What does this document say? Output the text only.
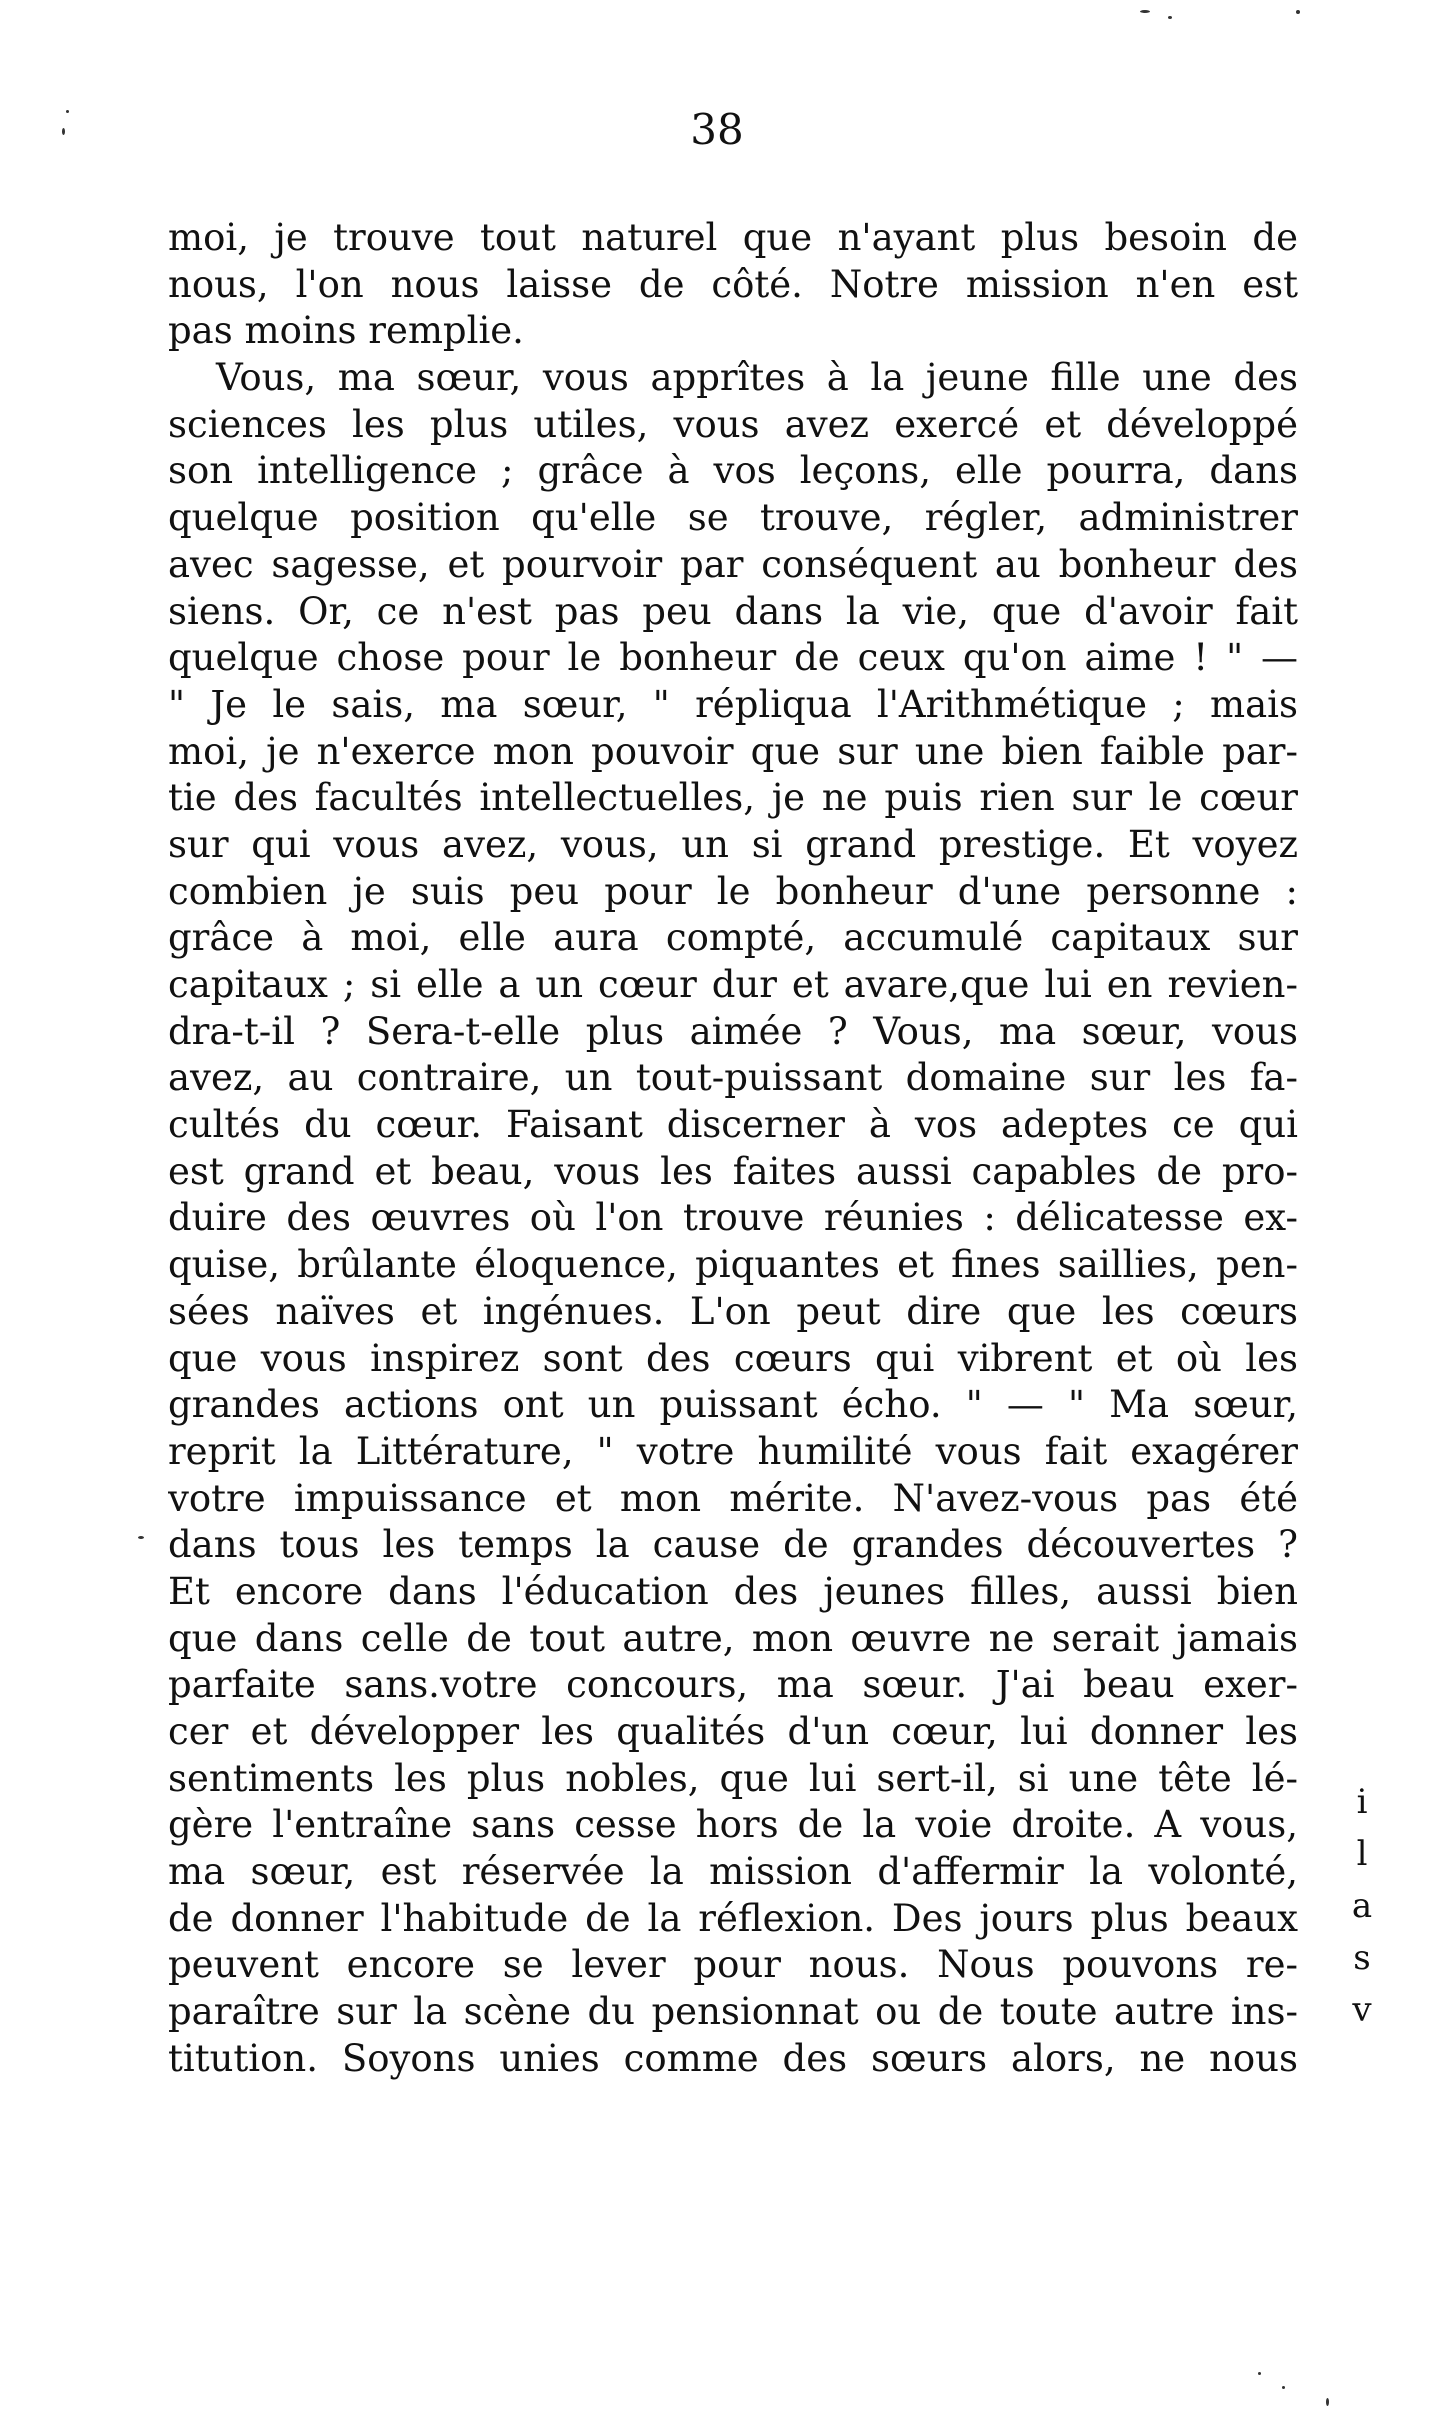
38
moi, je trouve tout naturel que n'ayant plus besoin de
nous, l'on nous laisse de côté. Notre mission n'en est
pas moins remplie.
Vous, ma sœur, vous apprîtes à la jeune fille une des
sciences les plus utiles, vous avez exercé et développé
son intelligence ; grâce à vos leçons, elle pourra, dans
quelque position qu'elle se trouve, régler, administrer
avec sagesse, et pourvoir par conséquent au bonheur des
siens. Or, ce n'est pas peu dans la vie, que d'avoir fait
quelque chose pour le bonheur de ceux qu'on aime ! " —
" Je le sais, ma sœur, " répliqua l'Arithmétique ; mais
moi, je n'exerce mon pouvoir que sur une bien faible par-
tie des facultés intellectuelles, je ne puis rien sur le cœur
sur qui vous avez, vous, un si grand prestige. Et voyez
combien je suis peu pour le bonheur d'une personne :
grâce à moi, elle aura compté, accumulé capitaux sur
capitaux ; si elle a un cœur dur et avare,que lui en revien-
dra-t-il ? Sera-t-elle plus aimée ? Vous, ma sœur, vous
avez, au contraire, un tout-puissant domaine sur les fa-
cultés du cœur. Faisant discerner à vos adeptes ce qui
est grand et beau, vous les faites aussi capables de pro-
duire des œuvres où l'on trouve réunies : délicatesse ex-
quise, brûlante éloquence, piquantes et fines saillies, pen-
sées naïves et ingénues. L'on peut dire que les cœurs
que vous inspirez sont des cœurs qui vibrent et où les
grandes actions ont un puissant écho. " — " Ma sœur,
reprit la Littérature, " votre humilité vous fait exagérer
votre impuissance et mon mérite. N'avez-vous pas été
dans tous les temps la cause de grandes découvertes ?
Et encore dans l'éducation des jeunes filles, aussi bien
que dans celle de tout autre, mon œuvre ne serait jamais
parfaite sans.votre concours, ma sœur. J'ai beau exer-
cer et développer les qualités d'un cœur, lui donner les
sentiments les plus nobles, que lui sert-il, si une tête lé-
gère l'entraîne sans cesse hors de la voie droite. A vous,
ma sœur, est réservée la mission d'affermir la volonté,
de donner l'habitude de la réflexion. Des jours plus beaux
peuvent encore se lever pour nous. Nous pouvons re-
paraître sur la scène du pensionnat ou de toute autre ins-
titution. Soyons unies comme des sœurs alors, ne nous
i
l
a
s
v
